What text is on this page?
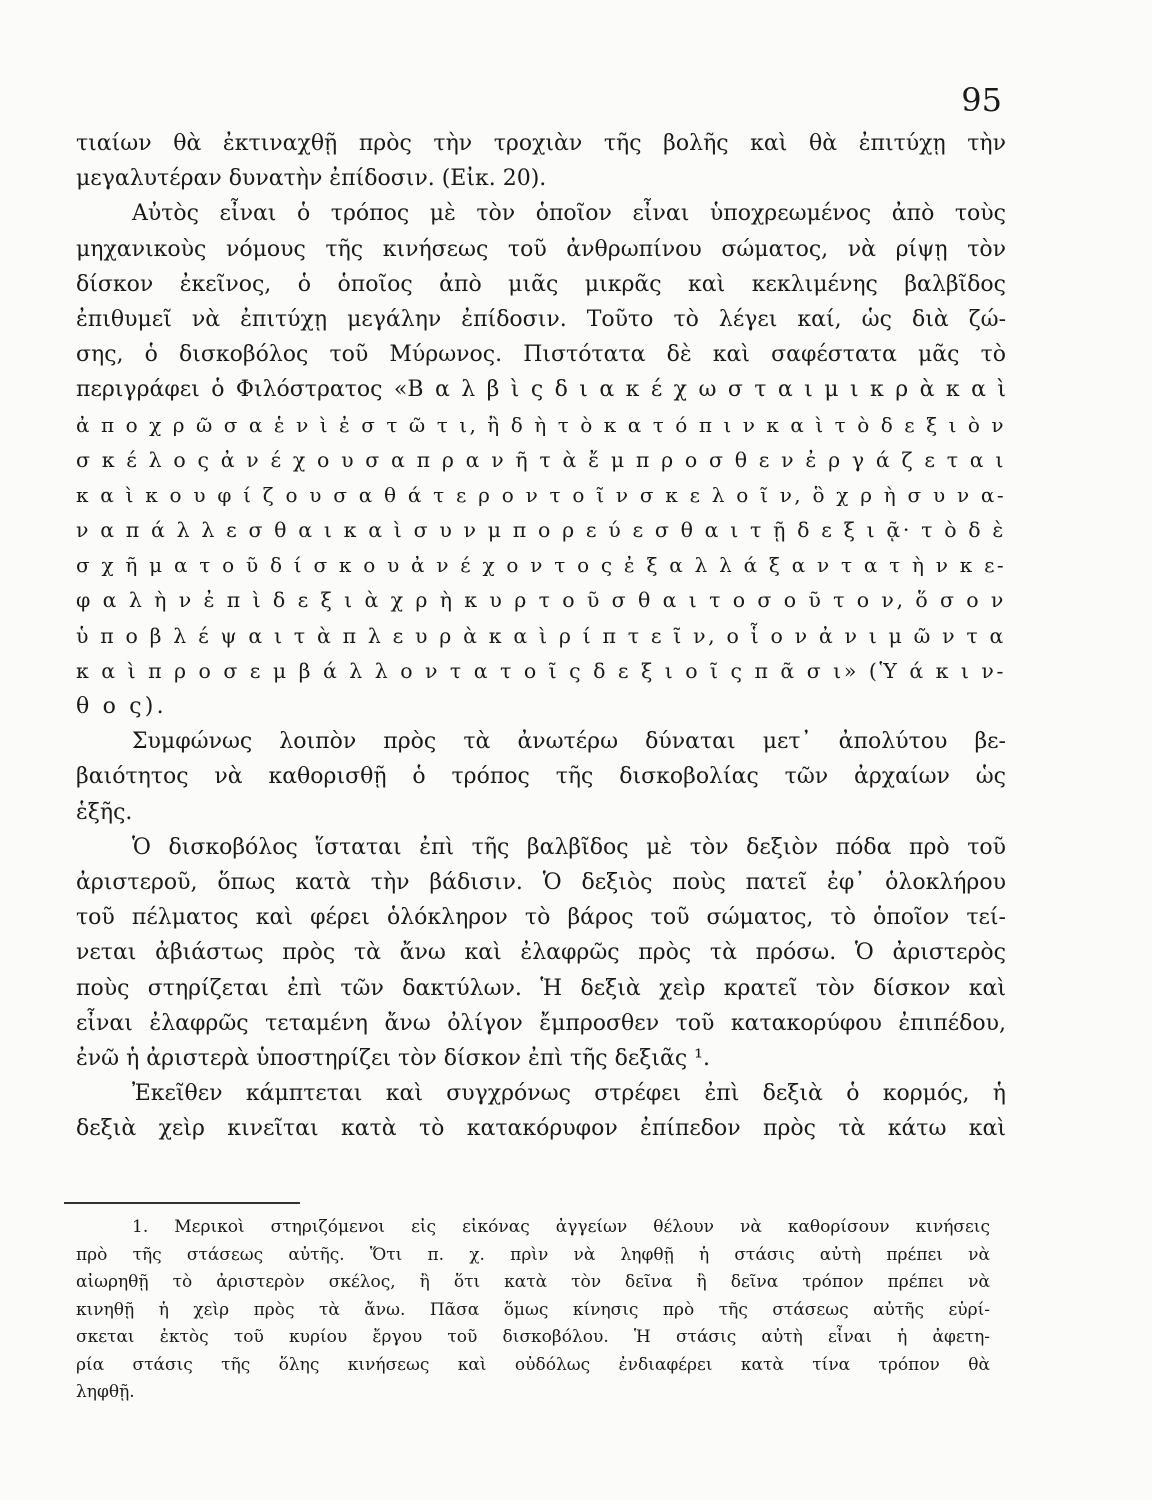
95
τιαίων θὰ ἐκτιναχθῇ πρὸς τὴν τροχιὰν τῆς βολῆς καὶ θὰ ἐπιτύχῃ τὴν
μεγαλυτέραν δυνατὴν ἐπίδοσιν. (Εἰκ. 20).
Αὐτὸς εἶναι ὁ τρόπος μὲ τὸν ὁποῖον εἶναι ὑποχρεωμένος ἀπὸ τοὺς
μηχανικοὺς νόμους τῆς κινήσεως τοῦ ἀνθρωπίνου σώματος, νὰ ρίψῃ τὸν
δίσκον ἐκεῖνος, ὁ ὁποῖος ἀπὸ μιᾶς μικρᾶς καὶ κεκλιμένης βαλβῖδος
ἐπιθυμεῖ νὰ ἐπιτύχῃ μεγάλην ἐπίδοσιν. Τοῦτο τὸ λέγει καί, ὡς διὰ ζώ-
σης, ὁ δισκοβόλος τοῦ Μύρωνος. Πιστότατα δὲ καὶ σαφέστατα μᾶς τὸ
περιγράφει ὁ Φιλόστρατος «Β α λ β ὶ ς δ ι α κ έ χ ω σ τ α ι μ ι κ ρ ὰ κ α ὶ
ἀ π ο χ ρ ῶ σ α ἑ ν ὶ ἐ σ τ ῶ τ ι, ἢ δ ὴ τ ὸ κ α τ ό π ι ν κ α ὶ τ ὸ δ ε ξ ι ὸ ν
σ κ έ λ ο ς ἀ ν έ χ ο υ σ α π ρ α ν ῆ τ ὰ ἔ μ π ρ ο σ θ ε ν ἐ ρ γ ά ζ ε τ α ι
κ α ὶ κ ο υ φ ί ζ ο υ σ α θ ά τ ε ρ ο ν τ ο ῖ ν σ κ ε λ ο ῖ ν, ὃ χ ρ ὴ σ υ ν α-
ν α π ά λ λ ε σ θ α ι κ α ὶ σ υ ν μ π ο ρ ε ύ ε σ θ α ι τ ῇ δ ε ξ ι ᾷ· τ ὸ δ ὲ
σ χ ῆ μ α τ ο ῦ δ ί σ κ ο υ ἀ ν έ χ ο ν τ ο ς ἐ ξ α λ λ ά ξ α ν τ α τ ὴ ν κ ε-
φ α λ ὴ ν ἐ π ὶ δ ε ξ ι ὰ χ ρ ὴ κ υ ρ τ ο ῦ σ θ α ι τ ο σ ο ῦ τ ο ν, ὅ σ ο ν
ὑ π ο β λ έ ψ α ι τ ὰ π λ ε υ ρ ὰ κ α ὶ ρ ί π τ ε ῖ ν, ο ἷ ο ν ἀ ν ι μ ῶ ν τ α
κ α ὶ π ρ ο σ ε μ β ά λ λ ο ν τ α τ ο ῖ ς δ ε ξ ι ο ῖ ς π ᾶ σ ι» (Ὑ ά κ ι ν-
θ ο ς).
Συμφώνως λοιπὸν πρὸς τὰ ἀνωτέρω δύναται μετ᾽ ἀπολύτου βε-
βαιότητος νὰ καθορισθῇ ὁ τρόπος τῆς δισκοβολίας τῶν ἀρχαίων ὡς
ἑξῆς.
Ὁ δισκοβόλος ἵσταται ἐπὶ τῆς βαλβῖδος μὲ τὸν δεξιὸν πόδα πρὸ τοῦ
ἀριστεροῦ, ὅπως κατὰ τὴν βάδισιν. Ὁ δεξιὸς ποὺς πατεῖ ἐφ᾽ ὁλοκλήρου
τοῦ πέλματος καὶ φέρει ὁλόκληρον τὸ βάρος τοῦ σώματος, τὸ ὁποῖον τεί-
νεται ἀβιάστως πρὸς τὰ ἄνω καὶ ἐλαφρῶς πρὸς τὰ πρόσω. Ὁ ἀριστερὸς
ποὺς στηρίζεται ἐπὶ τῶν δακτύλων. Ἡ δεξιὰ χεὶρ κρατεῖ τὸν δίσκον καὶ
εἶναι ἐλαφρῶς τεταμένη ἄνω ὀλίγον ἔμπροσθεν τοῦ κατακορύφου ἐπιπέδου,
ἐνῶ ἡ ἀριστερὰ ὑποστηρίζει τὸν δίσκον ἐπὶ τῆς δεξιᾶς ¹.
Ἐκεῖθεν κάμπτεται καὶ συγχρόνως στρέφει ἐπὶ δεξιὰ ὁ κορμός, ἡ
δεξιὰ χεὶρ κινεῖται κατὰ τὸ κατακόρυφον ἐπίπεδον πρὸς τὰ κάτω καὶ
1. Μερικοὶ στηριζόμενοι εἰς εἰκόνας ἀγγείων θέλουν νὰ καθορίσουν κινήσεις
πρὸ τῆς στάσεως αὐτῆς. Ὅτι π. χ. πρὶν νὰ ληφθῇ ἡ στάσις αὐτὴ πρέπει νὰ
αἰωρηθῇ τὸ ἀριστερὸν σκέλος, ἢ ὅτι κατὰ τὸν δεῖνα ἢ δεῖνα τρόπον πρέπει νὰ
κινηθῇ ἡ χεὶρ πρὸς τὰ ἄνω. Πᾶσα ὅμως κίνησις πρὸ τῆς στάσεως αὐτῆς εὑρί-
σκεται ἐκτὸς τοῦ κυρίου ἔργου τοῦ δισκοβόλου. Ἡ στάσις αὐτὴ εἶναι ἡ ἀφετη-
ρία στάσις τῆς ὅλης κινήσεως καὶ οὐδόλως ἐνδιαφέρει κατὰ τίνα τρόπον θὰ
ληφθῇ.
